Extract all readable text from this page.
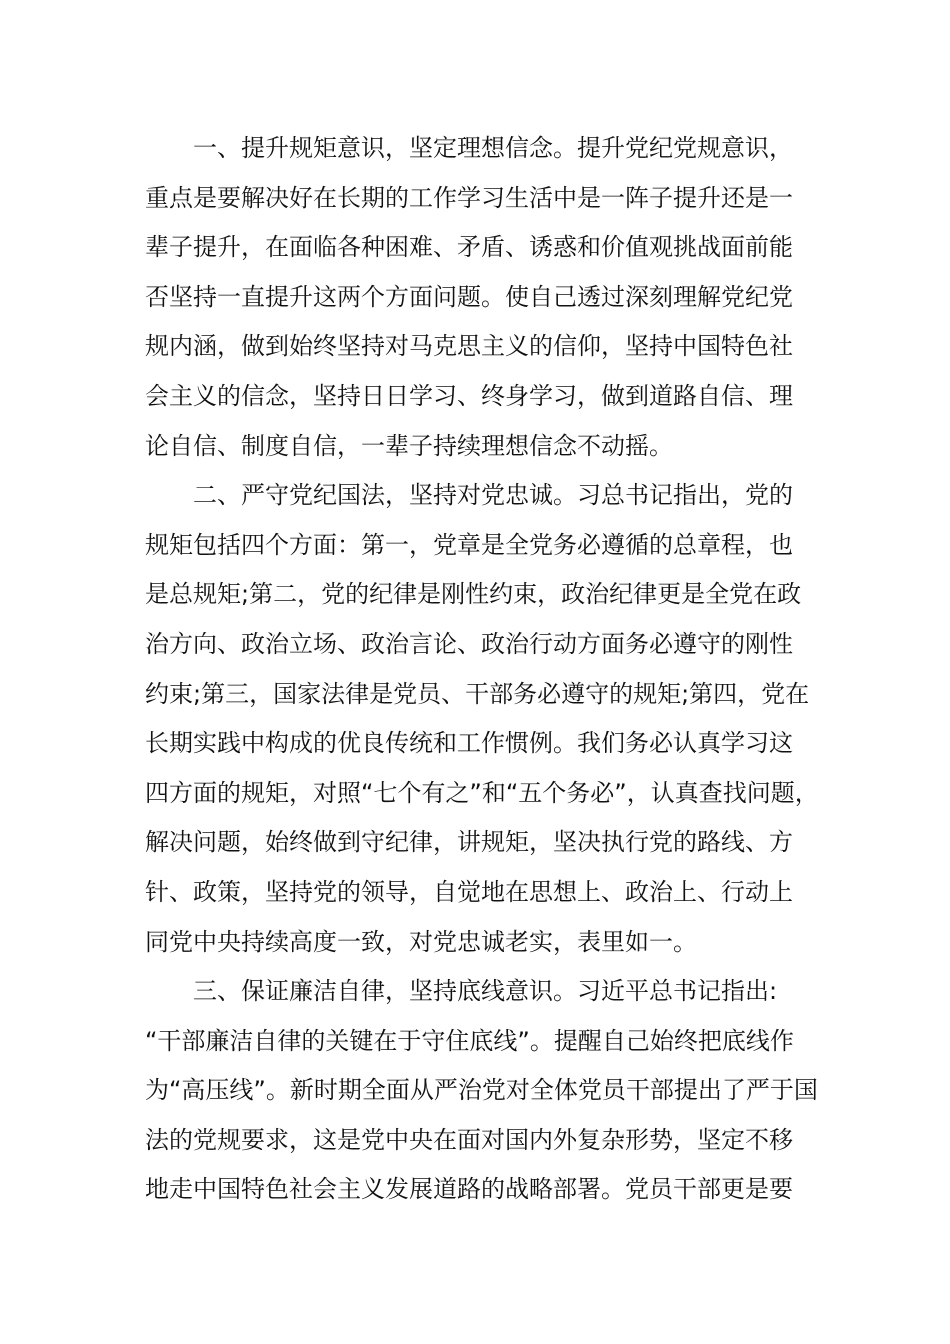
一、提升规矩意识，坚定理想信念。提升党纪党规意识，
重点是要解决好在长期的工作学习生活中是一阵子提升还是一
辈子提升，在面临各种困难、矛盾、诱惑和价值观挑战面前能
否坚持一直提升这两个方面问题。使自己透过深刻理解党纪党
规内涵，做到始终坚持对马克思主义的信仰，坚持中国特色社
会主义的信念，坚持日日学习、终身学习，做到道路自信、理
论自信、制度自信，一辈子持续理想信念不动摇。

二、严守党纪国法，坚持对党忠诚。习总书记指出，党的
规矩包括四个方面：第一，党章是全党务必遵循的总章程，也
是总规矩;第二，党的纪律是刚性约束，政治纪律更是全党在政
治方向、政治立场、政治言论、政治行动方面务必遵守的刚性
约束;第三，国家法律是党员、干部务必遵守的规矩;第四，党在
长期实践中构成的优良传统和工作惯例。我们务必认真学习这
四方面的规矩，对照“七个有之”和“五个务必”，认真查找问题，
解决问题，始终做到守纪律，讲规矩，坚决执行党的路线、方
针、政策，坚持党的领导，自觉地在思想上、政治上、行动上
同党中央持续高度一致，对党忠诚老实，表里如一。

三、保证廉洁自律，坚持底线意识。习近平总书记指出:
“干部廉洁自律的关键在于守住底线”。提醒自己始终把底线作
为“高压线”。新时期全面从严治党对全体党员干部提出了严于国
法的党规要求，这是党中央在面对国内外复杂形势，坚定不移
地走中国特色社会主义发展道路的战略部署。党员干部更是要
